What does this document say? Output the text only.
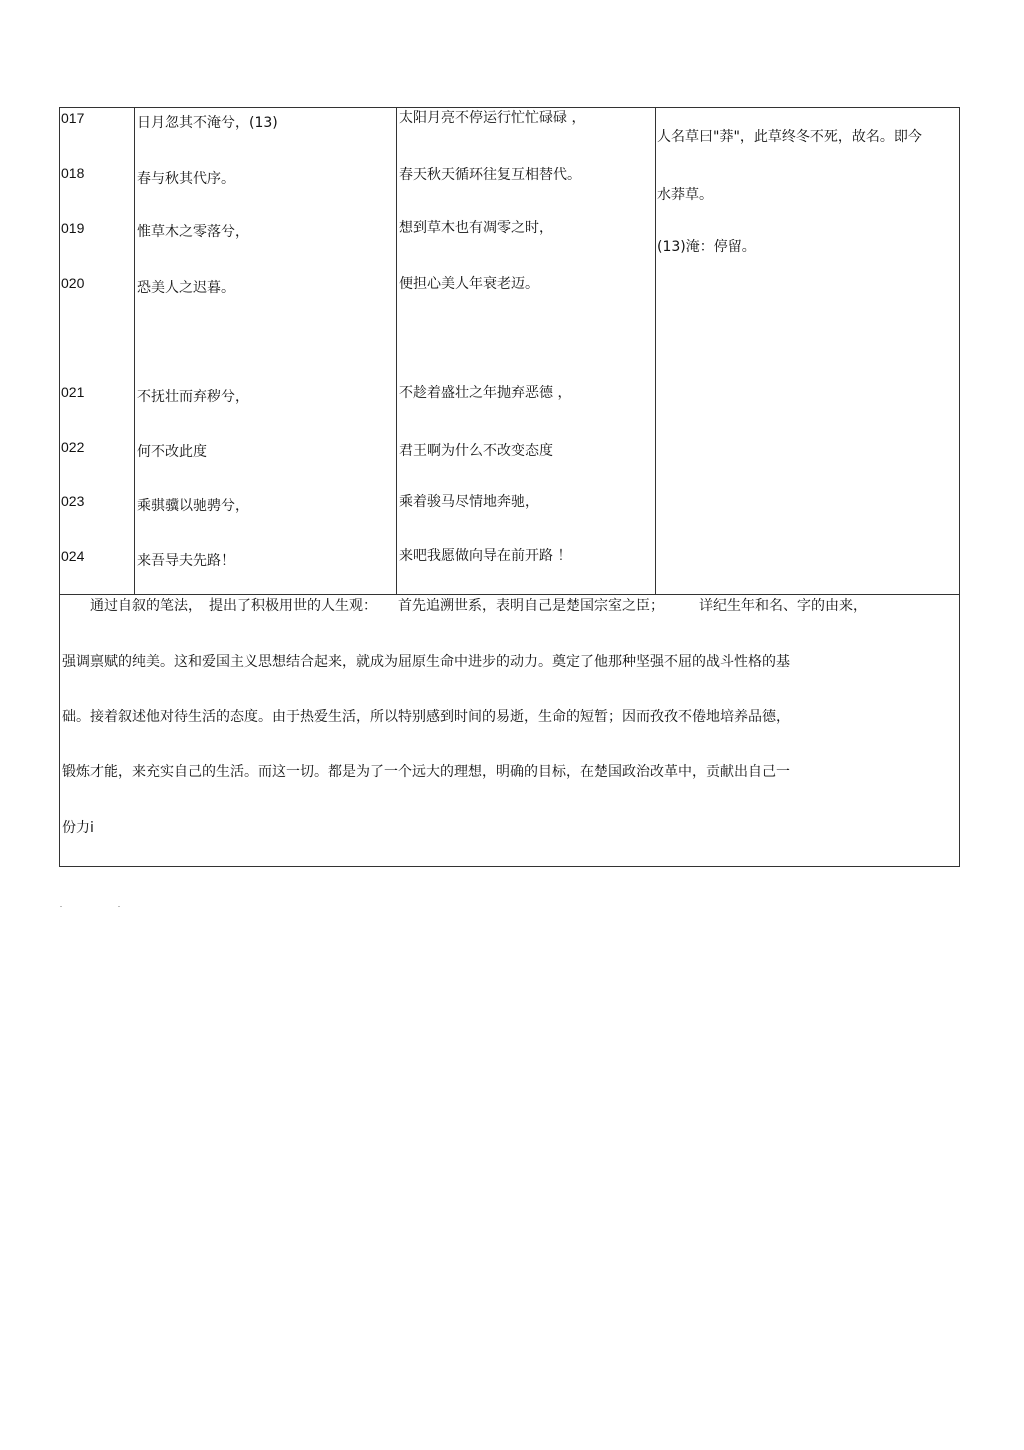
017	日月忽其不淹兮，(13)	太阳月亮不停运行忙忙碌碌 ，
018	春与秋其代序。	春天秋天循环往复互相替代。
019	惟草木之零落兮，	想到草木也有凋零之时，
020	恐美人之迟暮。	便担心美人年衰老迈。
021	不抚壮而弃秽兮，	不趁着盛壮之年抛弃恶德 ，
022	何不改此度	君王啊为什么不改变态度
023	乘骐骥以驰骋兮，	乘着骏马尽情地奔驰，
024	来吾导夫先路！	来吧我愿做向导在前开路 ！
人名草曰"莽"，此草终冬不死，故名。即今
水莽草。
(13)淹：停留。
　　通过自叙的笔法，　提出了积极用世的人生观：　　首先追溯世系，表明自己是楚国宗室之臣；　　　详纪生年和名、字的由来，
强调禀赋的纯美。这和爱国主义思想结合起来，就成为屈原生命中进步的动力。奠定了他那种坚强不屈的战斗性格的基
础。接着叙述他对待生活的态度。由于热爱生活，所以特别感到时间的易逝，生命的短暂；因而孜孜不倦地培养品德，
锻炼才能，来充实自己的生活。而这一切。都是为了一个远大的理想，明确的目标，在楚国政治改革中，贡献出自己一
份力i
